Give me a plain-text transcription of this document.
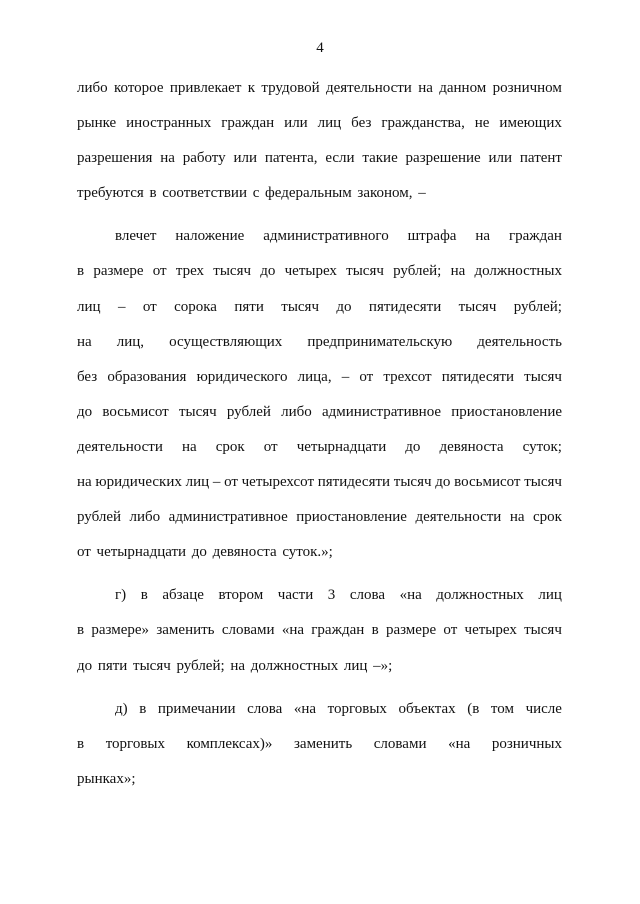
4
либо которое привлекает к трудовой деятельности на данном розничном
рынке иностранных граждан или лиц без гражданства, не имеющих
разрешения на работу или патента, если такие разрешение или патент
требуются в соответствии с федеральным законом, –
влечет наложение административного штрафа на граждан
в размере от трех тысяч до четырех тысяч рублей; на должностных
лиц – от сорока пяти тысяч до пятидесяти тысяч рублей;
на лиц, осуществляющих предпринимательскую деятельность
без образования юридического лица, – от трехсот пятидесяти тысяч
до восьмисот тысяч рублей либо административное приостановление
деятельности на срок от четырнадцати до девяноста суток;
на юридических лиц – от четырехсот пятидесяти тысяч до восьмисот тысяч
рублей либо административное приостановление деятельности на срок
от четырнадцати до девяноста суток.»;
г) в абзаце втором части 3 слова «на должностных лиц
в размере» заменить словами «на граждан в размере от четырех тысяч
до пяти тысяч рублей; на должностных лиц –»;
д) в примечании слова «на торговых объектах (в том числе
в торговых комплексах)» заменить словами «на розничных
рынках»;
